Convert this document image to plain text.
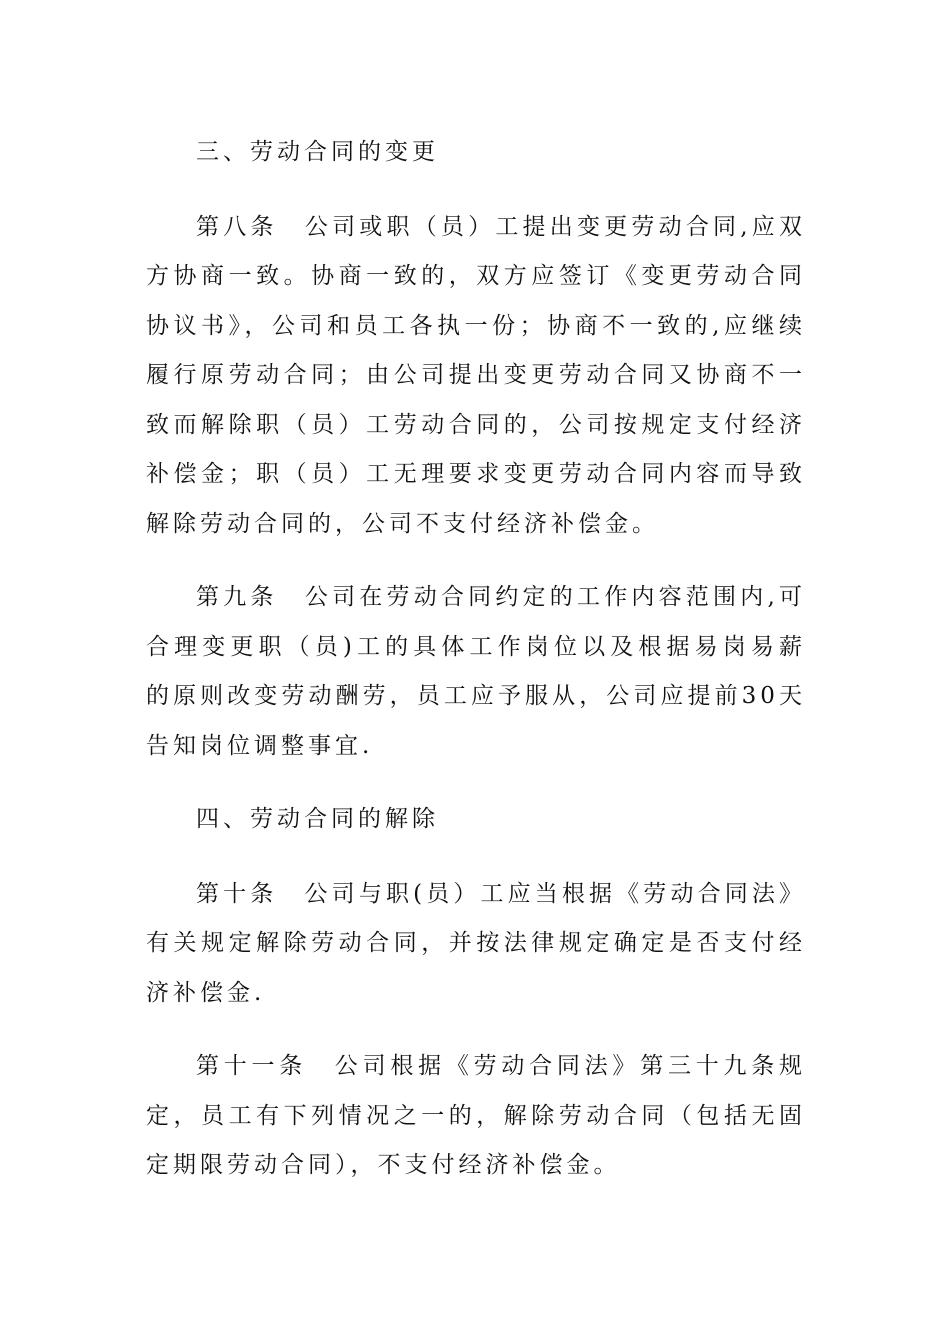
三、劳动合同的变更

第八条　公司或职（员）工提出变更劳动合同,应双方协商一致。协商一致的，双方应签订《变更劳动合同协议书》，公司和员工各执一份；协商不一致的,应继续履行原劳动合同；由公司提出变更劳动合同又协商不一致而解除职（员）工劳动合同的，公司按规定支付经济补偿金；职（员）工无理要求变更劳动合同内容而导致解除劳动合同的，公司不支付经济补偿金。

第九条　公司在劳动合同约定的工作内容范围内,可合理变更职（员)工的具体工作岗位以及根据易岗易薪的原则改变劳动酬劳，员工应予服从，公司应提前30天告知岗位调整事宜.

四、劳动合同的解除

第十条　公司与职(员）工应当根据《劳动合同法》有关规定解除劳动合同，并按法律规定确定是否支付经济补偿金.

第十一条　公司根据《劳动合同法》第三十九条规定，员工有下列情况之一的，解除劳动合同（包括无固定期限劳动合同），不支付经济补偿金。
